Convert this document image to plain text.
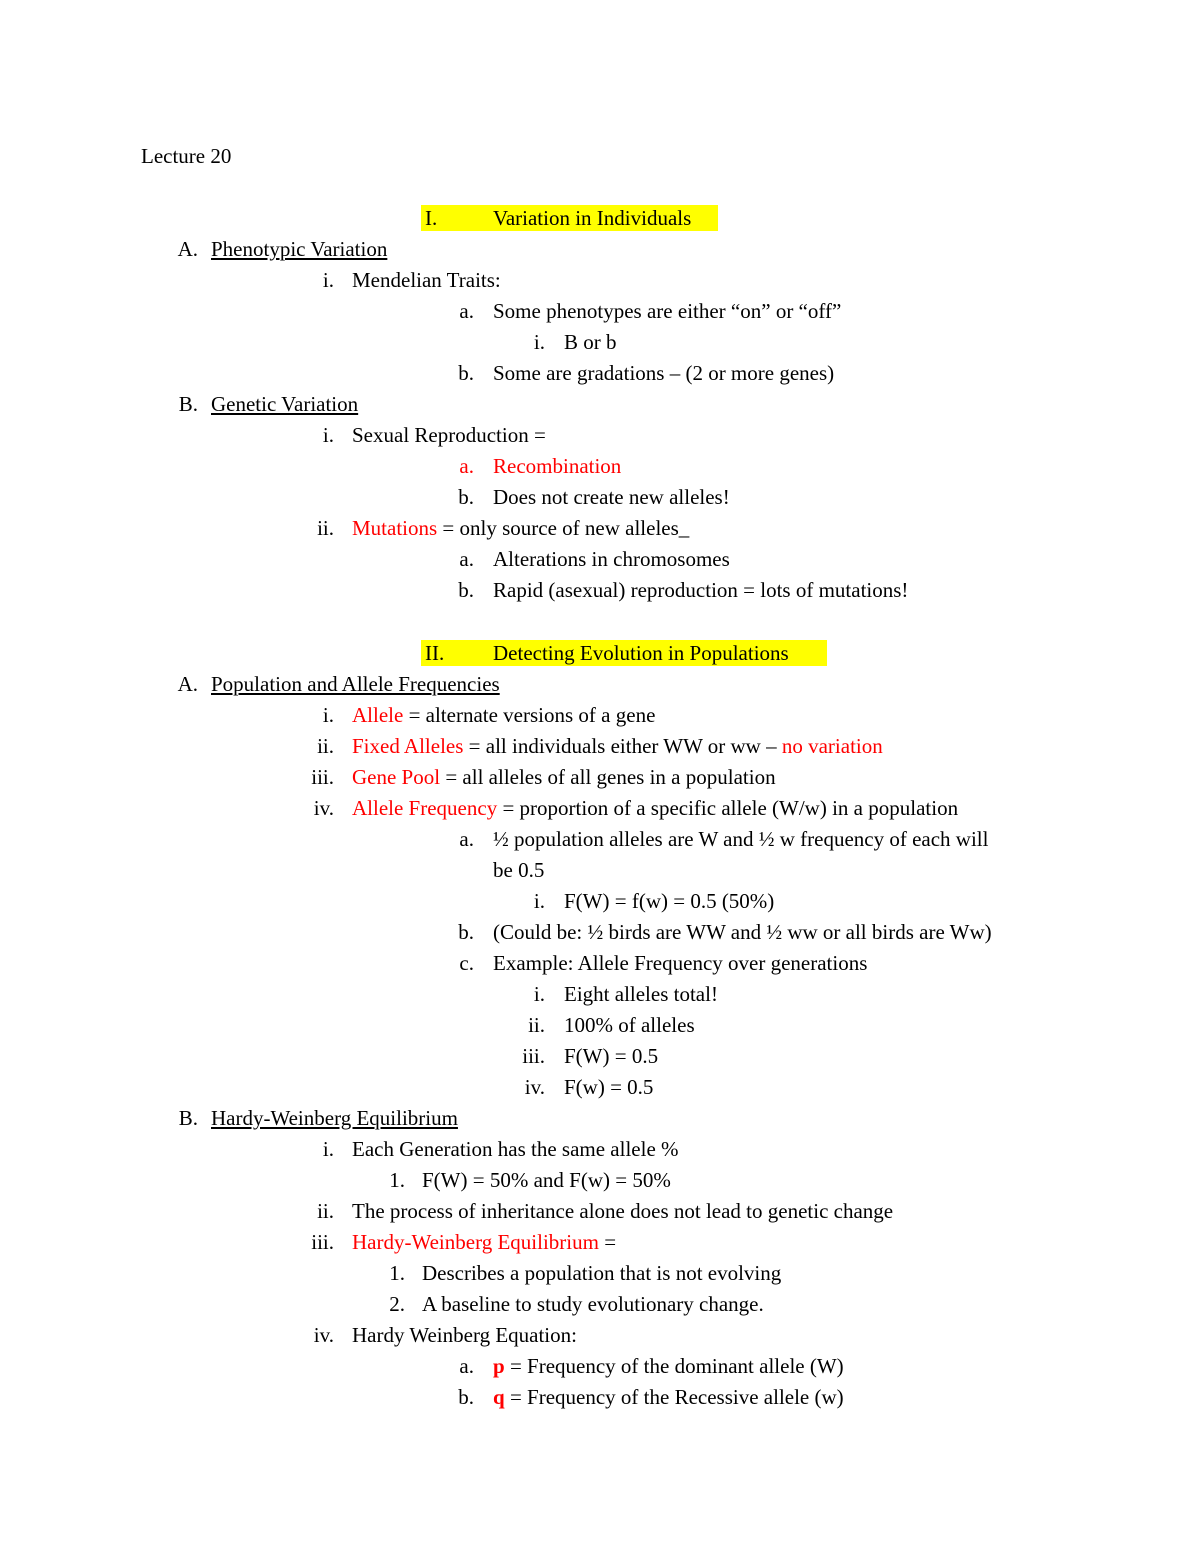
Lecture 20
I.	Variation in Individuals
A. Phenotypic Variation
i. Mendelian Traits:
a. Some phenotypes are either “on” or “off”
i. B or b
b. Some are gradations – (2 or more genes)
B. Genetic Variation
i. Sexual Reproduction =
a. Recombination
b. Does not create new alleles!
ii. Mutations = only source of new alleles_
a. Alterations in chromosomes
b. Rapid (asexual) reproduction = lots of mutations!
II. Detecting Evolution in Populations
A. Population and Allele Frequencies
i. Allele = alternate versions of a gene
ii. Fixed Alleles = all individuals either WW or ww – no variation
iii. Gene Pool = all alleles of all genes in a population
iv. Allele Frequency = proportion of a specific allele (W/w) in a population
a. ½ population alleles are W and ½ w frequency of each will
be 0.5
i. F(W) = f(w) = 0.5 (50%)
b. (Could be: ½ birds are WW and ½ ww or all birds are Ww)
c. Example: Allele Frequency over generations
i. Eight alleles total!
ii. 100% of alleles
iii. F(W) = 0.5
iv. F(w) = 0.5
B. Hardy-Weinberg Equilibrium
i. Each Generation has the same allele %
1. F(W) = 50% and F(w) = 50%
ii. The process of inheritance alone does not lead to genetic change
iii. Hardy-Weinberg Equilibrium =
1. Describes a population that is not evolving
2. A baseline to study evolutionary change.
iv. Hardy Weinberg Equation:
a. p = Frequency of the dominant allele (W)
b. q = Frequency of the Recessive allele (w)
